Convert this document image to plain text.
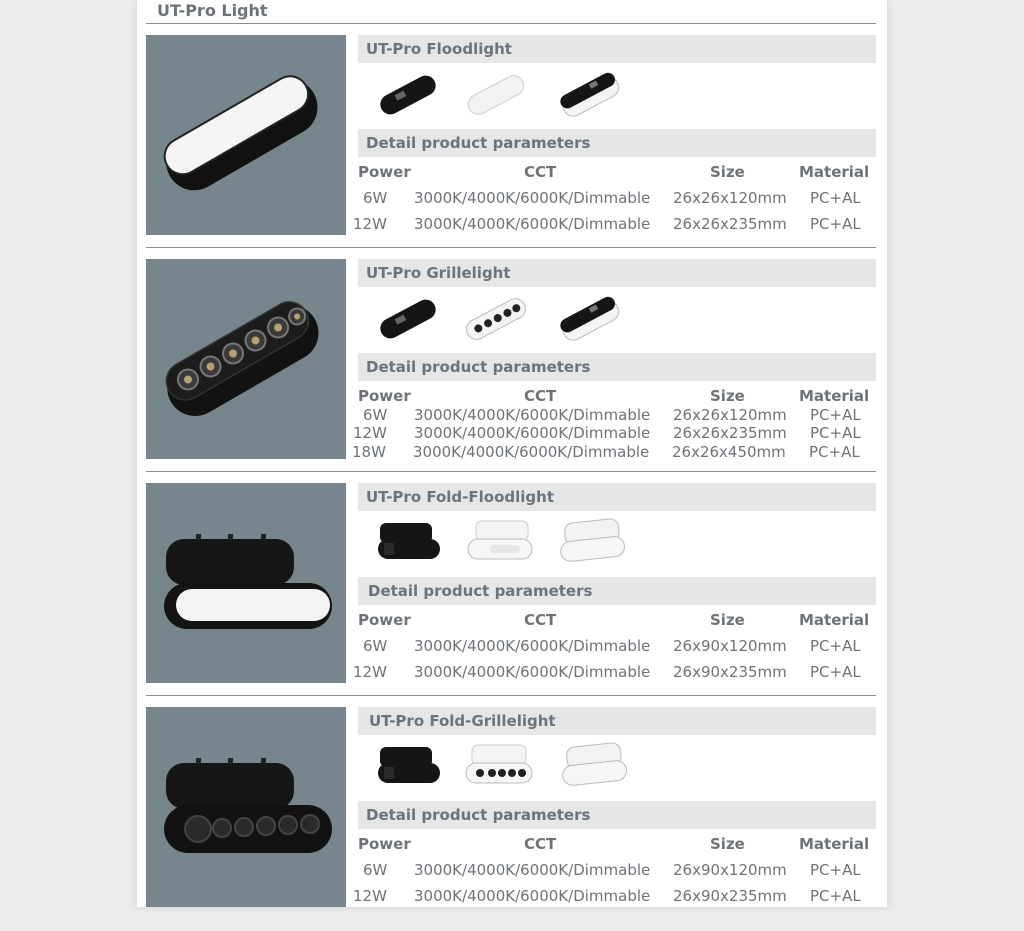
UT-Pro Light
UT-Pro Floodlight
Detail product parameters
Power	CCT	Size	Material
6W 3000K/4000K/6000K/Dimmable 26x26x120mm PC+AL
12W 3000K/4000K/6000K/Dimmable 26x26x235mm PC+AL
UT-Pro Grillelight
Detail product parameters
Power	CCT	Size	Material
6W 3000K/4000K/6000K/Dimmable 26x26x120mm PC+AL
12W 3000K/4000K/6000K/Dimmable 26x26x235mm PC+AL
18W 3000K/4000K/6000K/Dimmable 26x26x450mm PC+AL
UT-Pro Fold-Floodlight
Detail product parameters
Power	CCT	Size	Material
6W 3000K/4000K/6000K/Dimmable 26x90x120mm PC+AL
12W 3000K/4000K/6000K/Dimmable 26x90x235mm PC+AL
UT-Pro Fold-Grillelight
Detail product parameters
Power	CCT	Size	Material
6W 3000K/4000K/6000K/Dimmable 26x90x120mm PC+AL
12W 3000K/4000K/6000K/Dimmable 26x90x235mm PC+AL
